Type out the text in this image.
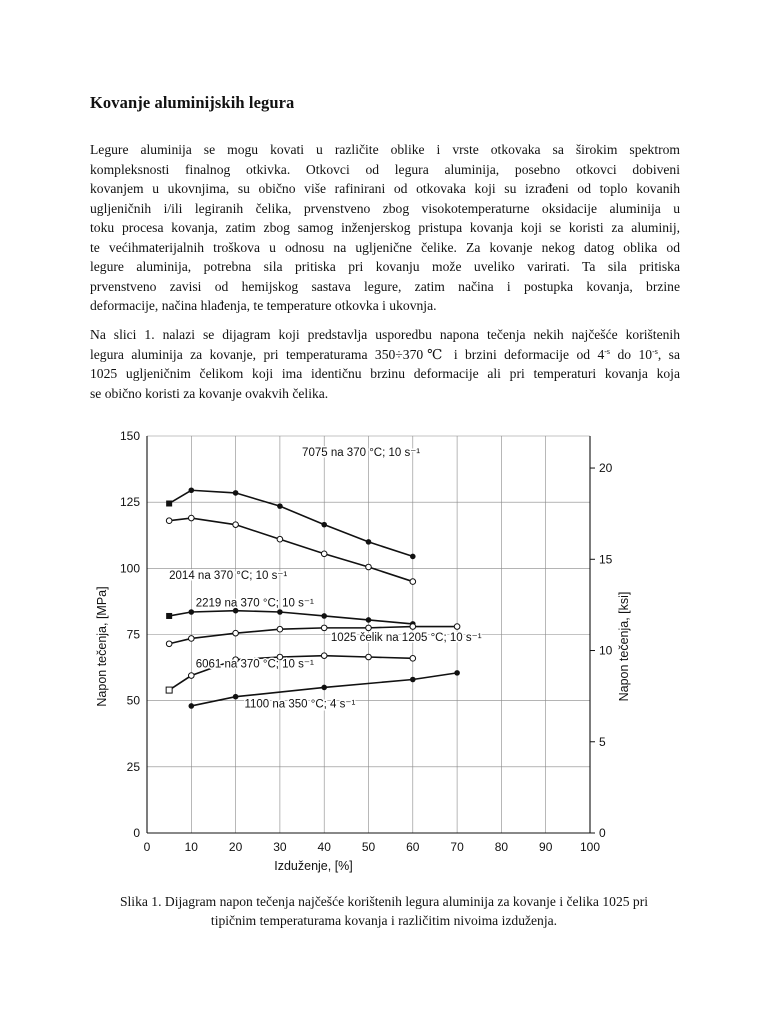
Kovanje aluminijskih legura
Legure aluminija se mogu kovati u različite oblike i vrste otkovaka sa širokim spektrom
kompleksnosti finalnog otkivka. Otkovci od legura aluminija, posebno otkovci dobiveni
kovanjem u ukovnjima, su obično više rafinirani od otkovaka koji su izrađeni od toplo kovanih
ugljeničnih i/ili legiranih čelika, prvenstveno zbog visokotemperaturne oksidacije aluminija u
toku procesa kovanja, zatim zbog samog inženjerskog pristupa kovanja koji se koristi za aluminij,
te većihmaterijalnih troškova u odnosu na ugljenične čelike. Za kovanje nekog datog oblika od
legure aluminija, potrebna sila pritiska pri kovanju može uveliko varirati. Ta sila pritiska
prvenstveno zavisi od hemijskog sastava legure, zatim načina i postupka kovanja, brzine
deformacije, načina hlađenja, te temperature otkovka i ukovnja.
Na slici 1. nalazi se dijagram koji predstavlja usporedbu napona tečenja nekih najčešće korištenih
legura aluminija za kovanje, pri temperaturama 350÷370℃ i brzini deformacije od $4^{-s}$ do $10^{-s}$, sa
1025 ugljeničnim čelikom koji ima identičnu brzinu deformacije ali pri temperaturi kovanja koja
se obično koristi za kovanje ovakvih čelika.
0	10	20	30	40	50	60	70	80	90 100
0
25
50
75
100
125
150
0
5
10
15
20
Izduženje, [%]
Napon tečenja, [MPa]	Napon tečenja, [ksi]
7075 na 370 °C; 10 s⁻¹
2014 na 370 °C; 10 s⁻¹
2219 na 370 °C; 10 s⁻¹
1025 čelik na 1205 °C; 10 s⁻¹
6061 na 370 °C; 10 s⁻¹
1100 na 350 °C; 4 s⁻¹
Slika 1. Dijagram napon tečenja najčešće korištenih legura aluminija za kovanje i čelika 1025 pri
tipičnim temperaturama kovanja i različitim nivoima izduženja.
